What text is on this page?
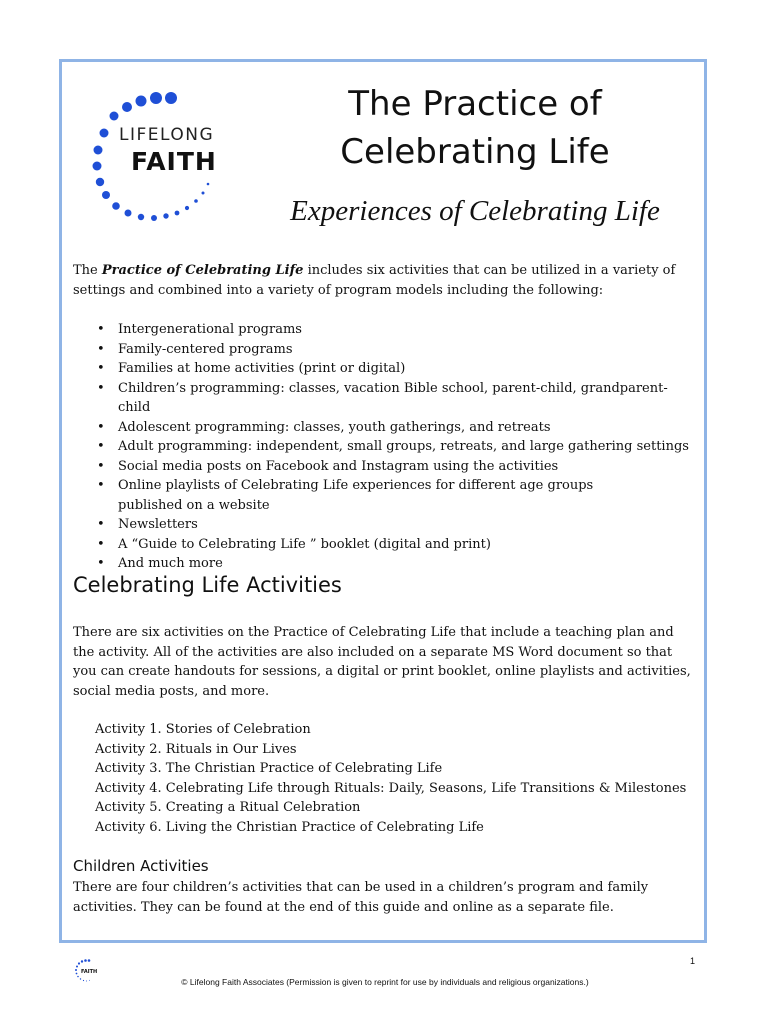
LIFELONG
FAITH
The Practice of
Celebrating Life
Experiences of Celebrating Life
The Practice of Celebrating Life includes six activities that can be utilized in a variety of settings and combined into a variety of program models including the following:
• Intergenerational programs
• Family-centered programs
• Families at home activities (print or digital)
• Children’s programming: classes, vacation Bible school, parent-child, grandparent-child
• Adolescent programming: classes, youth gatherings, and retreats
• Adult programming: independent, small groups, retreats, and large gathering settings
• Social media posts on Facebook and Instagram using the activities
• Online playlists of Celebrating Life experiences for different age groups published on a website
• Newsletters
• A “Guide to Celebrating Life ” booklet (digital and print)
• And much more
Celebrating Life Activities
There are six activities on the Practice of Celebrating Life that include a teaching plan and the activity. All of the activities are also included on a separate MS Word document so that you can create handouts for sessions, a digital or print booklet, online playlists and activities, social media posts, and more.
Activity 1. Stories of Celebration
Activity 2. Rituals in Our Lives
Activity 3. The Christian Practice of Celebrating Life
Activity 4. Celebrating Life through Rituals: Daily, Seasons, Life Transitions & Milestones
Activity 5. Creating a Ritual Celebration
Activity 6. Living the Christian Practice of Celebrating Life
Children Activities
There are four children’s activities that can be used in a children’s program and family activities. They can be found at the end of this guide and online as a separate file.
1
FAITH
© Lifelong Faith Associates (Permission is given to reprint for use by individuals and religious organizations.)
